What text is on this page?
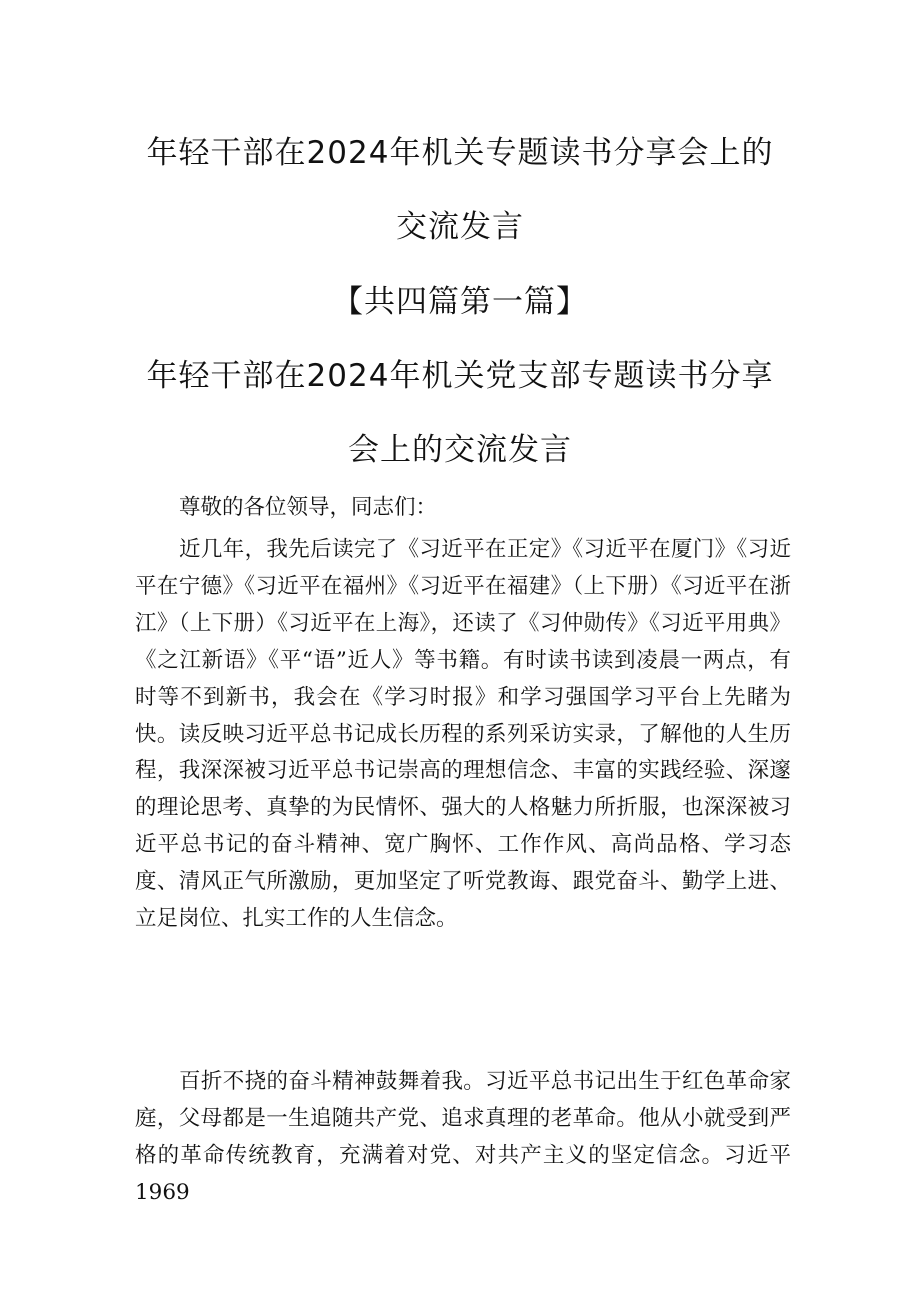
年轻干部在2024年机关专题读书分享会上的
交流发言
【共四篇第一篇】
年轻干部在2024年机关党支部专题读书分享
会上的交流发言
尊敬的各位领导，同志们：
近几年，我先后读完了《习近平在正定》《习近平在厦门》《习近平在宁德》《习近平在福州》《习近平在福建》（上下册）《习近平在浙江》（上下册）《习近平在上海》，还读了《习仲勋传》《习近平用典》《之江新语》《平“语”近人》等书籍。有时读书读到凌晨一两点，有时等不到新书，我会在《学习时报》和学习强国学习平台上先睹为快。读反映习近平总书记成长历程的系列采访实录，了解他的人生历程，我深深被习近平总书记崇高的理想信念、丰富的实践经验、深邃的理论思考、真挚的为民情怀、强大的人格魅力所折服，也深深被习近平总书记的奋斗精神、宽广胸怀、工作作风、高尚品格、学习态度、清风正气所激励，更加坚定了听党教诲、跟党奋斗、勤学上进、立足岗位、扎实工作的人生信念。
百折不挠的奋斗精神鼓舞着我。习近平总书记出生于红色革命家庭，父母都是一生追随共产党、追求真理的老革命。他从小就受到严格的革命传统教育，充满着对党、对共产主义的坚定信念。习近平1969
